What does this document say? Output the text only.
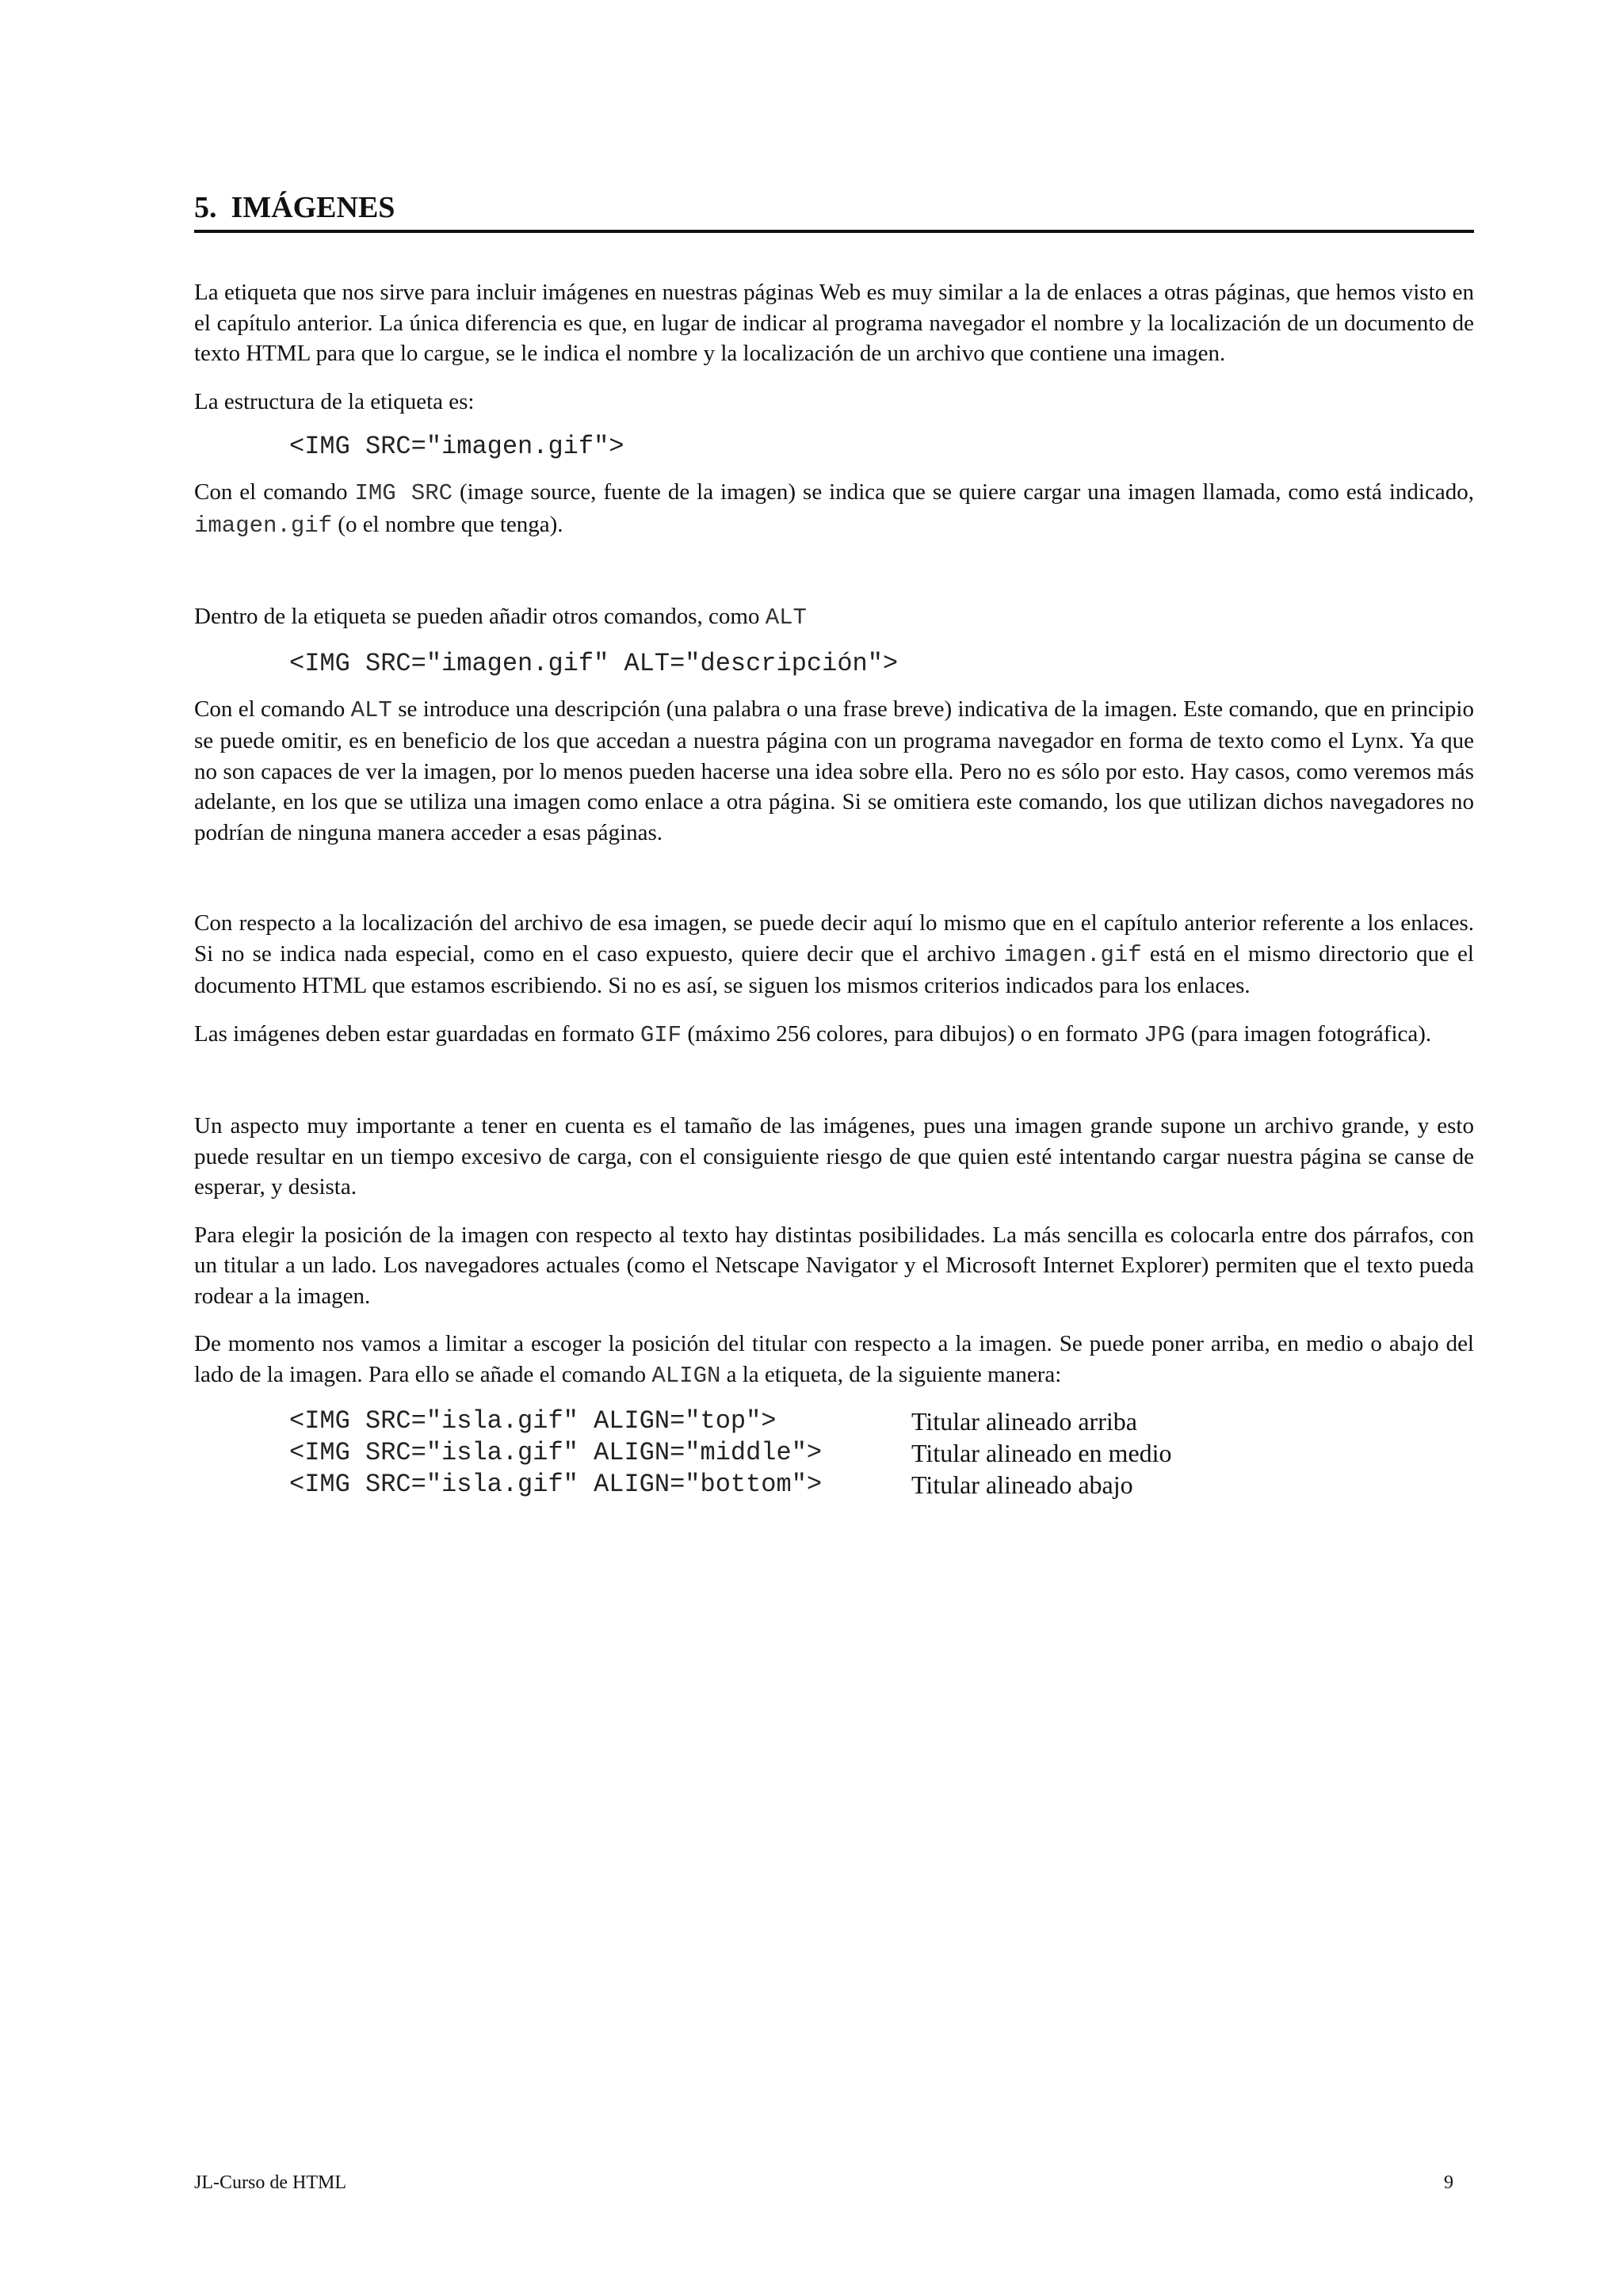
5. IMÁGENES

La etiqueta que nos sirve para incluir imágenes en nuestras páginas Web es muy similar a la de enlaces a otras páginas, que hemos visto en el capítulo anterior. La única diferencia es que, en lugar de indicar al programa navegador el nombre y la localización de un documento de texto HTML para que lo cargue, se le indica el nombre y la localización de un archivo que contiene una imagen.

La estructura de la etiqueta es:

<IMG SRC="imagen.gif">

Con el comando IMG SRC (image source, fuente de la imagen) se indica que se quiere cargar una imagen llamada, como está indicado, imagen.gif (o el nombre que tenga).

Dentro de la etiqueta se pueden añadir otros comandos, como ALT

<IMG SRC="imagen.gif" ALT="descripción">

Con el comando ALT se introduce una descripción (una palabra o una frase breve) indicativa de la imagen. Este comando, que en principio se puede omitir, es en beneficio de los que accedan a nuestra página con un programa navegador en forma de texto como el Lynx. Ya que no son capaces de ver la imagen, por lo menos pueden hacerse una idea sobre ella. Pero no es sólo por esto. Hay casos, como veremos más adelante, en los que se utiliza una imagen como enlace a otra página. Si se omitiera este comando, los que utilizan dichos navegadores no podrían de ninguna manera acceder a esas páginas.

Con respecto a la localización del archivo de esa imagen, se puede decir aquí lo mismo que en el capítulo anterior referente a los enlaces. Si no se indica nada especial, como en el caso expuesto, quiere decir que el archivo imagen.gif está en el mismo directorio que el documento HTML que estamos escribiendo. Si no es así, se siguen los mismos criterios indicados para los enlaces.

Las imágenes deben estar guardadas en formato GIF (máximo 256 colores, para dibujos) o en formato JPG (para imagen fotográfica).

Un aspecto muy importante a tener en cuenta es el tamaño de las imágenes, pues una imagen grande supone un archivo grande, y esto puede resultar en un tiempo excesivo de carga, con el consiguiente riesgo de que quien esté intentando cargar nuestra página se canse de esperar, y desista.

Para elegir la posición de la imagen con respecto al texto hay distintas posibilidades. La más sencilla es colocarla entre dos párrafos, con un titular a un lado. Los navegadores actuales (como el Netscape Navigator y el Microsoft Internet Explorer) permiten que el texto pueda rodear a la imagen.

De momento nos vamos a limitar a escoger la posición del titular con respecto a la imagen. Se puede poner arriba, en medio o abajo del lado de la imagen. Para ello se añade el comando ALIGN a la etiqueta, de la siguiente manera:

<IMG SRC="isla.gif" ALIGN="top">	Titular alineado arriba
<IMG SRC="isla.gif" ALIGN="middle">	Titular alineado en medio
<IMG SRC="isla.gif" ALIGN="bottom">	Titular alineado abajo
JL-Curso de HTML	9
